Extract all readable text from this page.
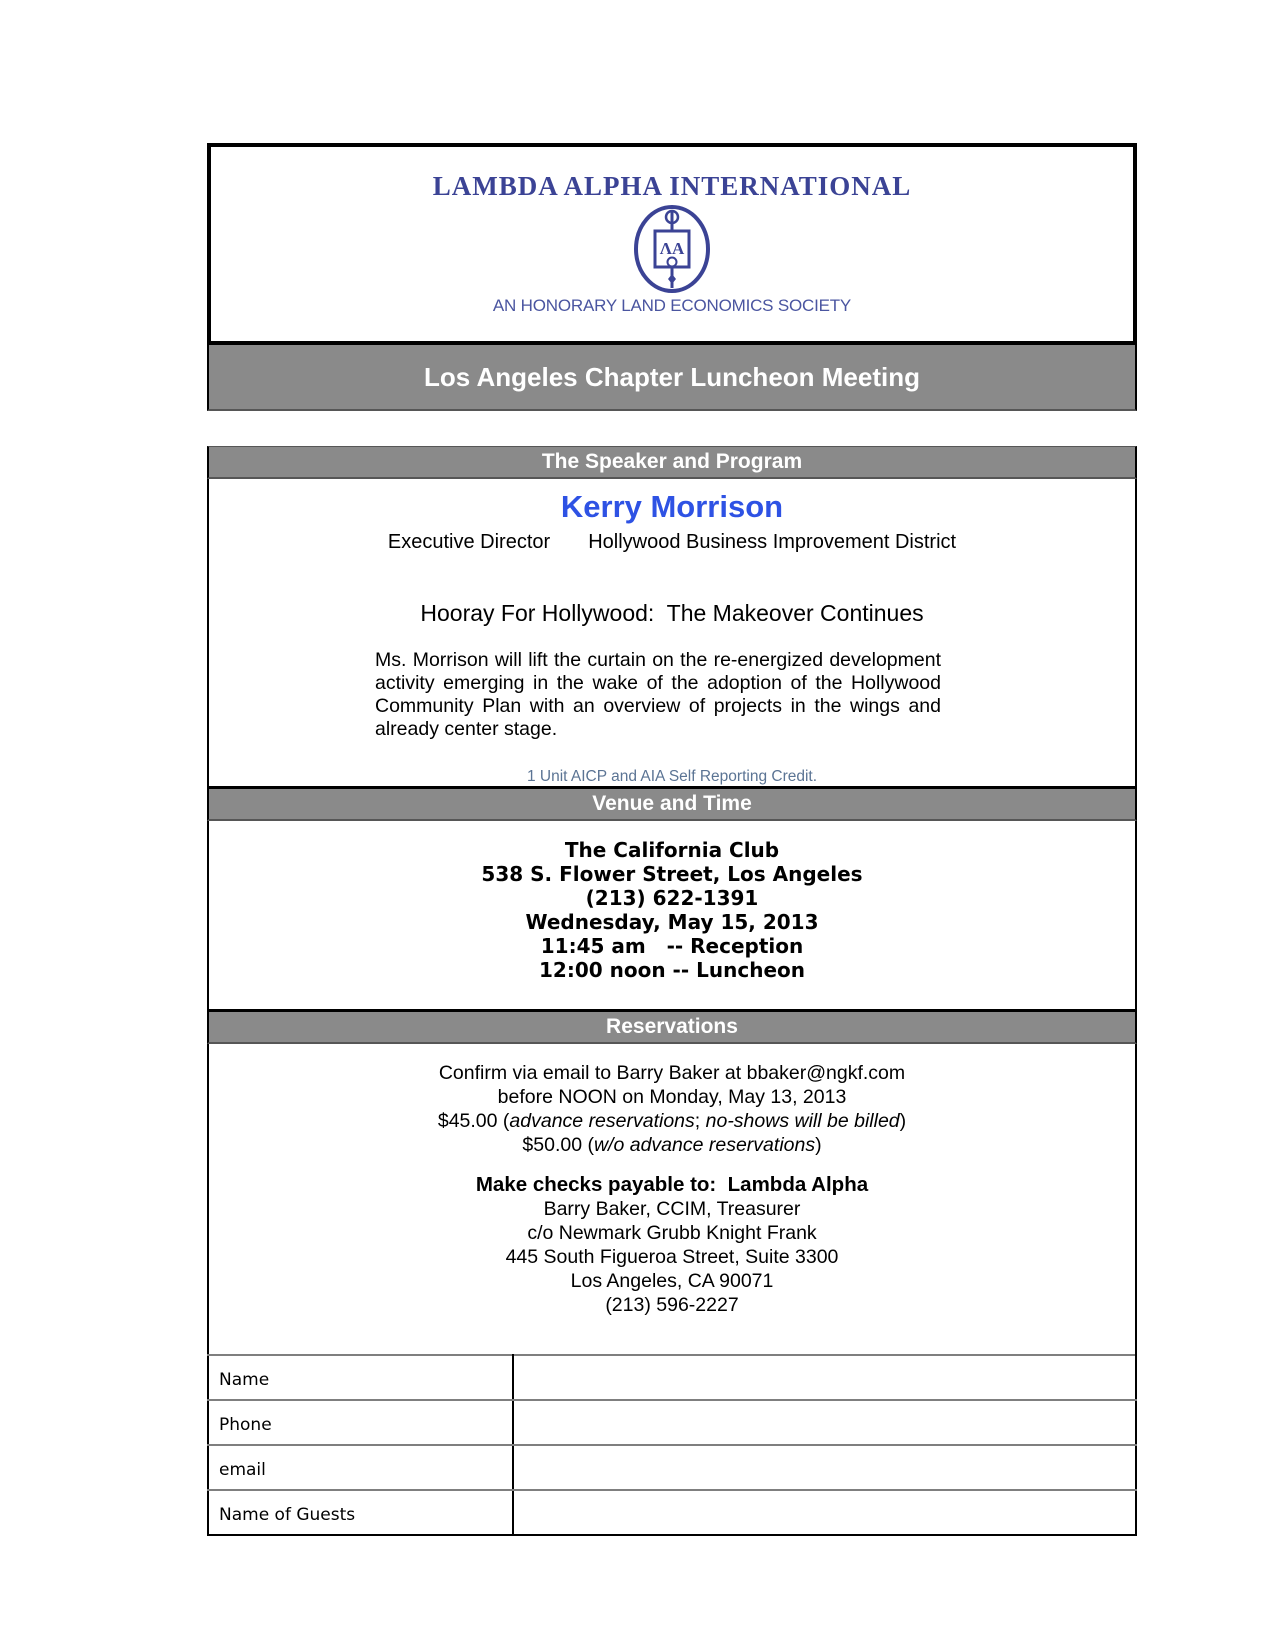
LAMBDA ALPHA INTERNATIONAL
ΛΑ
AN HONORARY LAND ECONOMICS SOCIETY
Los Angeles Chapter Luncheon Meeting
The Speaker and Program
Kerry Morrison
Executive Director Hollywood Business Improvement District
Hooray For Hollywood:  The Makeover Continues
Ms. Morrison will lift the curtain on the re-energized development activity emerging in the wake of the adoption of the Hollywood Community Plan with an overview of projects in the wings and already center stage.
1 Unit AICP and AIA Self Reporting Credit.
Venue and Time
The California Club
538 S. Flower Street, Los Angeles
(213) 622-1391
Wednesday, May 15, 2013
11:45 am   -- Reception
12:00 noon -- Luncheon
Reservations
Confirm via email to Barry Baker at bbaker@ngkf.com
before NOON on Monday, May 13, 2013
$45.00 (advance reservations; no-shows will be billed)
$50.00 (w/o advance reservations)
Make checks payable to:  Lambda Alpha
Barry Baker, CCIM, Treasurer
c/o Newmark Grubb Knight Frank
445 South Figueroa Street, Suite 3300
Los Angeles, CA 90071
(213) 596-2227
Name	
Phone	
email	
Name of Guests	
